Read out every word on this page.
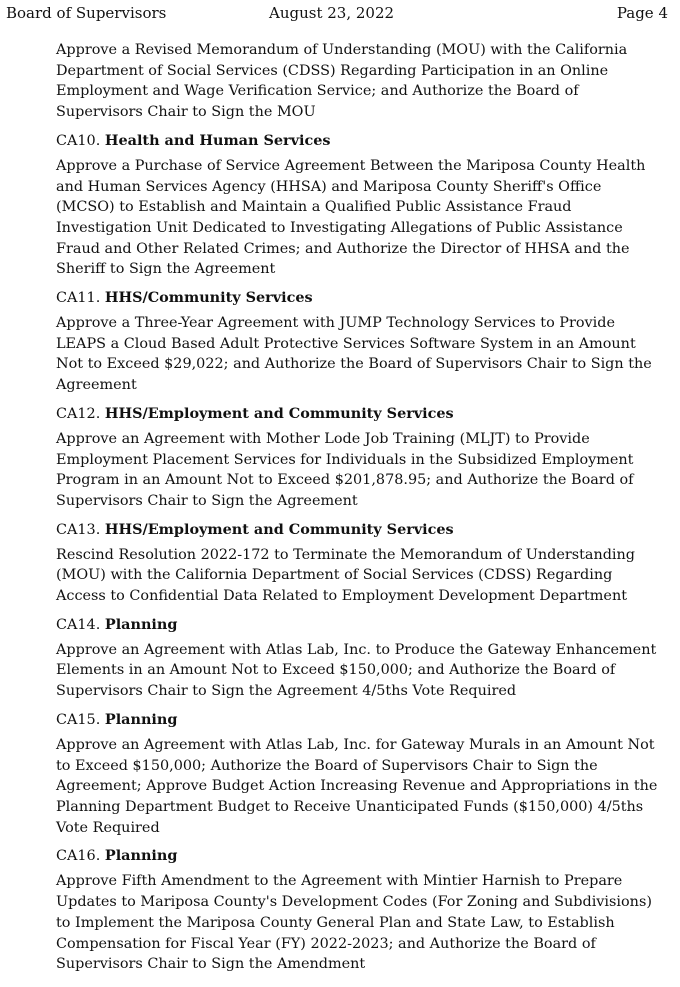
Board of Supervisors	August 23, 2022	Page 4

Approve a Revised Memorandum of Understanding (MOU) with the California Department of Social Services (CDSS) Regarding Participation in an Online Employment and Wage Verification Service; and Authorize the Board of Supervisors Chair to Sign the MOU

CA10. Health and Human Services

Approve a Purchase of Service Agreement Between the Mariposa County Health and Human Services Agency (HHSA) and Mariposa County Sheriff's Office (MCSO) to Establish and Maintain a Qualified Public Assistance Fraud Investigation Unit Dedicated to Investigating Allegations of Public Assistance Fraud and Other Related Crimes; and Authorize the Director of HHSA and the Sheriff to Sign the Agreement

CA11. HHS/Community Services

Approve a Three-Year Agreement with JUMP Technology Services to Provide LEAPS a Cloud Based Adult Protective Services Software System in an Amount Not to Exceed $29,022; and Authorize the Board of Supervisors Chair to Sign the Agreement

CA12. HHS/Employment and Community Services

Approve an Agreement with Mother Lode Job Training (MLJT) to Provide Employment Placement Services for Individuals in the Subsidized Employment Program in an Amount Not to Exceed $201,878.95; and Authorize the Board of Supervisors Chair to Sign the Agreement

CA13. HHS/Employment and Community Services

Rescind Resolution 2022-172 to Terminate the Memorandum of Understanding (MOU) with the California Department of Social Services (CDSS) Regarding Access to Confidential Data Related to Employment Development Department

CA14. Planning

Approve an Agreement with Atlas Lab, Inc. to Produce the Gateway Enhancement Elements in an Amount Not to Exceed $150,000; and Authorize the Board of Supervisors Chair to Sign the Agreement 4/5ths Vote Required

CA15. Planning

Approve an Agreement with Atlas Lab, Inc. for Gateway Murals in an Amount Not to Exceed $150,000; Authorize the Board of Supervisors Chair to Sign the Agreement; Approve Budget Action Increasing Revenue and Appropriations in the Planning Department Budget to Receive Unanticipated Funds ($150,000) 4/5ths Vote Required

CA16. Planning

Approve Fifth Amendment to the Agreement with Mintier Harnish to Prepare Updates to Mariposa County's Development Codes (For Zoning and Subdivisions) to Implement the Mariposa County General Plan and State Law, to Establish Compensation for Fiscal Year (FY) 2022-2023; and Authorize the Board of Supervisors Chair to Sign the Amendment
